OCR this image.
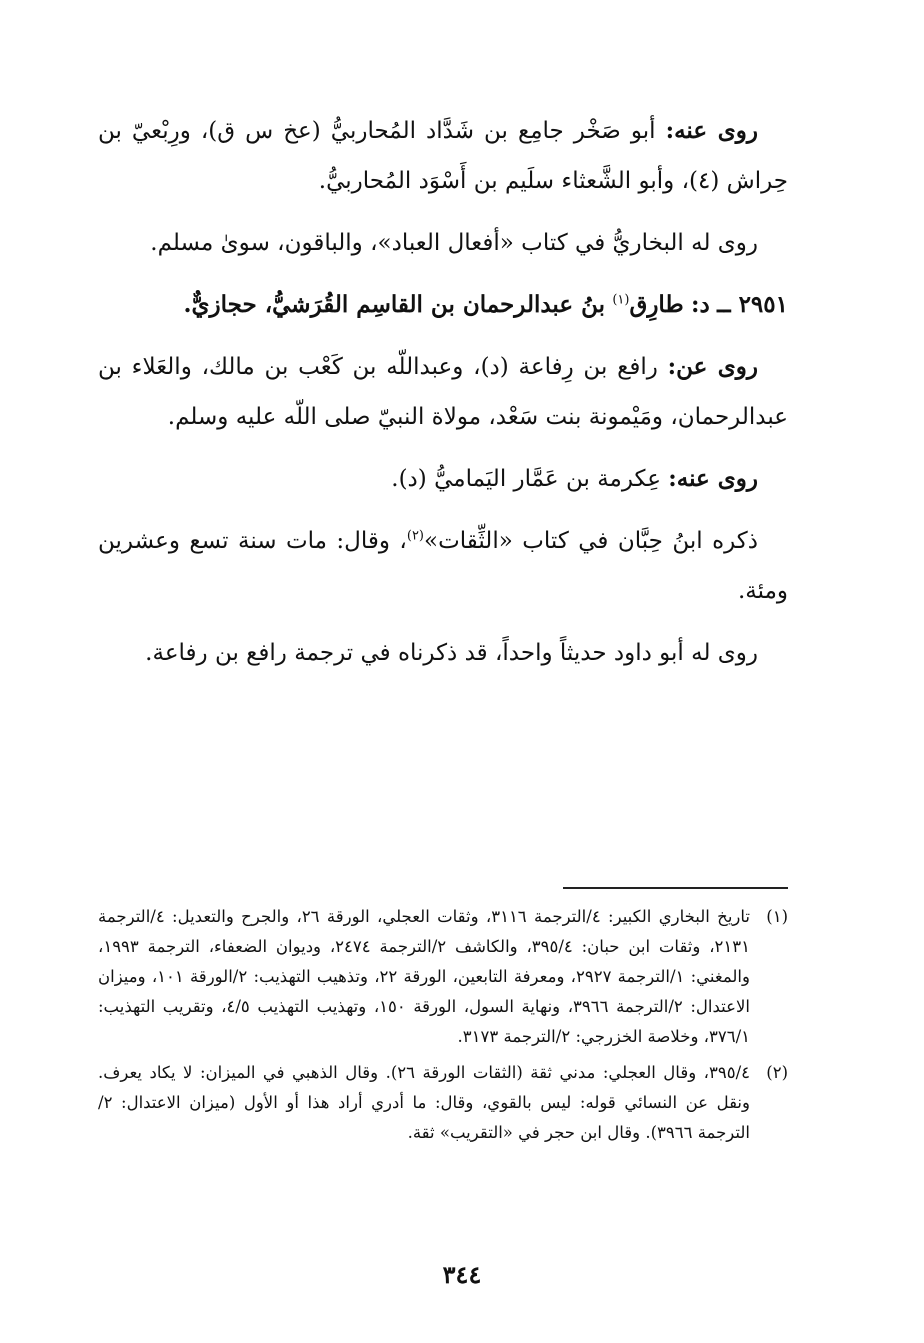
روى عنه: أبو صَخْر جامِع بن شَدَّاد المُحاربيُّ (عخ س ق)، ورِبْعيّ بن حِراش (٤)، وأبو الشَّعثاء سلَيم بن أَسْوَد المُحاربيُّ.

روى له البخاريُّ في كتاب «أفعال العباد»، والباقون، سوىٰ مسلم.

٢٩٥١ ــ د: طارِق$^{(١)}$ بنُ عبدالرحمان بن القاسِم القُرَشيُّ، حجازيٌّ.

روى عن: رافع بن رِفاعة (د)، وعبداللّه بن كَعْب بن مالك، والعَلاء بن عبدالرحمان، ومَيْمونة بنت سَعْد، مولاة النبيّ صلى اللّه عليه وسلم.

روى عنه: عِكرمة بن عَمَّار اليَماميُّ (د).

ذكره ابنُ حِبَّان في كتاب «الثِّقات»$^{(٢)}$، وقال: مات سنة تسع وعشرين ومئة.

روى له أبو داود حديثاً واحداً، قد ذكرناه في ترجمة رافع بن رفاعة.

(١)
تاريخ البخاري الكبير: ٤/الترجمة ٣١١٦، وثقات العجلي، الورقة ٢٦، والجرح والتعديل: ٤/الترجمة ٢١٣١، وثقات ابن حبان: ٣٩٥/٤، والكاشف ٢/الترجمة ٢٤٧٤، وديوان الضعفاء، الترجمة ١٩٩٣، والمغني: ١/الترجمة ٢٩٢٧، ومعرفة التابعين، الورقة ٢٢، وتذهيب التهذيب: ٢/الورقة ١٠١، وميزان الاعتدال: ٢/الترجمة ٣٩٦٦، ونهاية السول، الورقة ١٥٠، وتهذيب التهذيب ٤/٥، وتقريب التهذيب: ٣٧٦/١، وخلاصة الخزرجي: ٢/الترجمة ٣١٧٣.
(٢)
٣٩٥/٤، وقال العجلي: مدني ثقة (الثقات الورقة ٢٦). وقال الذهبي في الميزان: لا يكاد يعرف. ونقل عن النسائي قوله: ليس بالقوي، وقال: ما أدري أراد هذا أو الأول (ميزان الاعتدال: ٢/الترجمة ٣٩٦٦). وقال ابن حجر في «التقريب» ثقة.
٣٤٤
